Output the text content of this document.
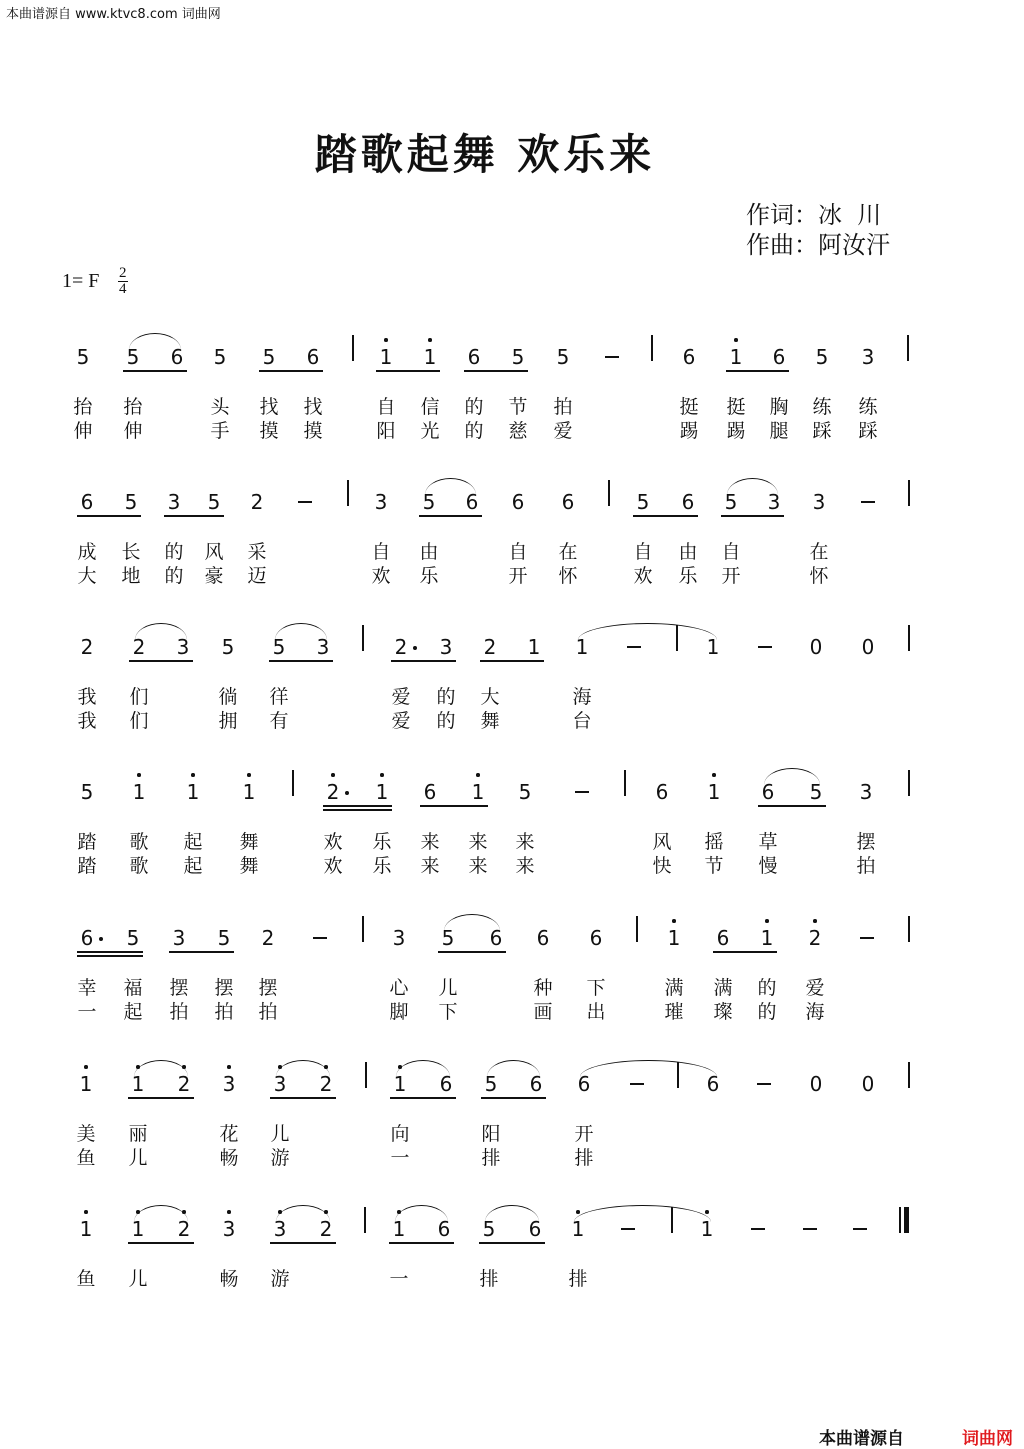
本曲谱源自 www.ktvc8.com 词曲网
踏歌起舞 欢乐来
作词：冰  川
作曲：阿汝汗
1= F 2
4
5 5 6 5 5 6	1 1 6 5 5	6 1 6 5 3
抬 抬	头 找 找	自 信 的 节 拍	挺 挺 胸 练 练
伸 伸	手 摸 摸	阳 光 的 慈 爱	踢 踢 腿 踩 踩
6 5 3 5 2	3 5 6 6 6	5 6 5 3 3
成 长 的 风 采	自 由	自 在	自 由 自	在
大 地 的 豪 迈	欢 乐	开 怀	欢 乐 开	怀
2 2 3 5 5 3	2 3 2 1 1	1	0 0
我 们	徜 徉	爱 的 大	海
我 们	拥 有	爱 的 舞	台
5 1 1 1	2 1 6 1 5	6 1 6 5 3
踏 歌 起 舞	欢 乐 来 来 来	风 摇 草	摆
踏 歌 起 舞	欢 乐 来 来 来	快 节 慢	拍
6 5 3 5 2	3 5 6 6 6	1 6 1 2
幸 福 摆 摆 摆	心 儿	种 下	满 满 的 爱
一 起 拍 拍 拍	脚 下	画 出	璀 璨 的 海
1 1 2 3 3 2	1 6 5 6 6	6	0 0
美 丽	花 儿	向	阳	开
鱼 儿	畅 游	一	排	排
1 1 2 3 3 2	1 6 5 6 1	1
鱼 儿	畅 游	一	排	排
本曲谱源自	词曲网
